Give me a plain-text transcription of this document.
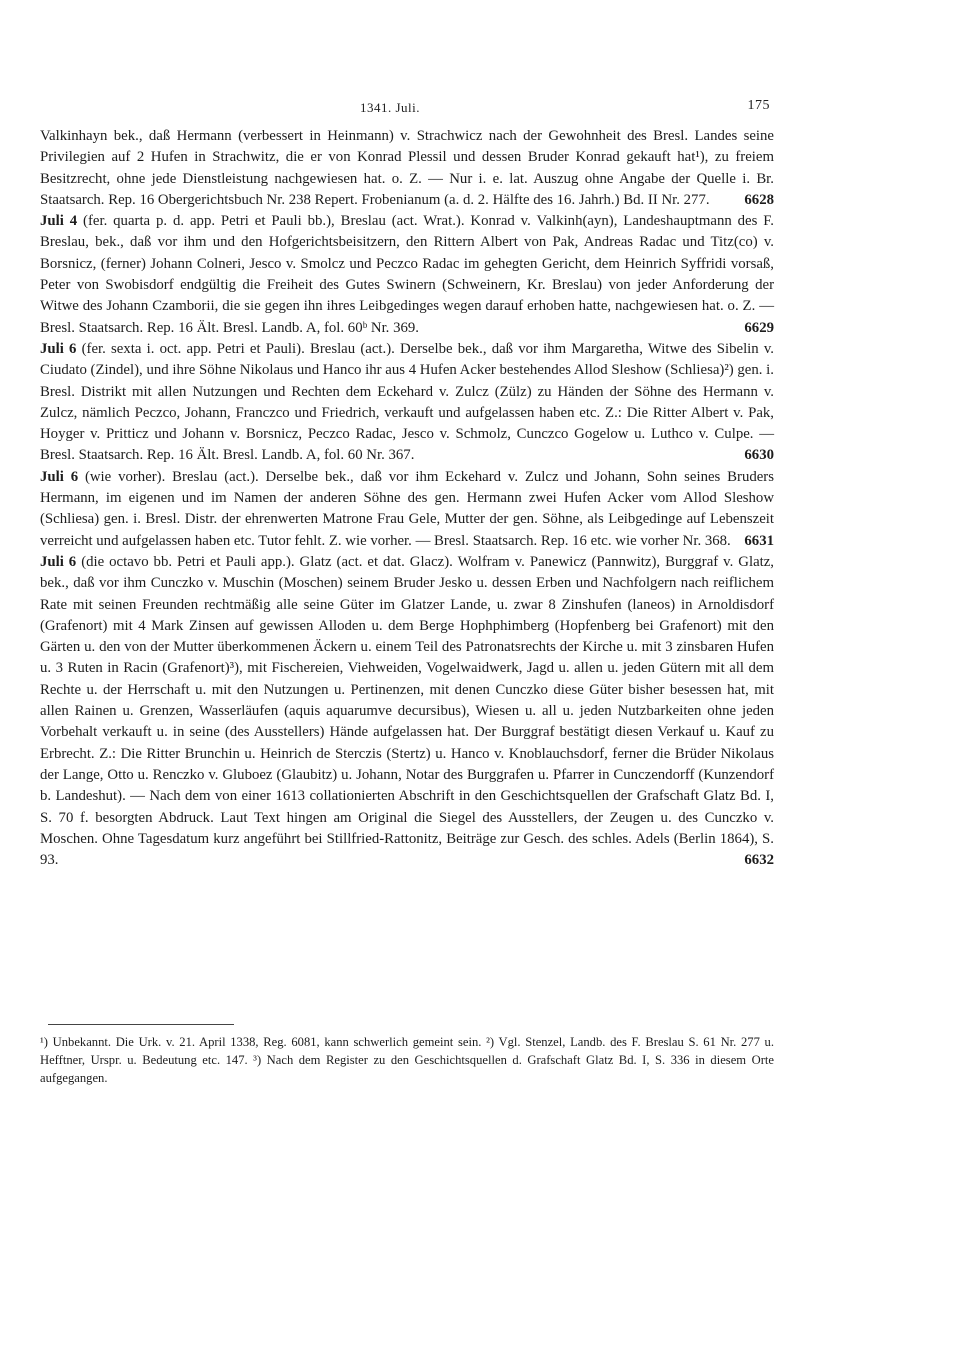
1341. Juli.	175

Valkinhayn bek., daß Hermann (verbessert in Heinmann) v. Strachwicz nach der Gewohnheit des Bresl. Landes seine Privilegien auf 2 Hufen in Strachwitz, die er von Konrad Plessil und dessen Bruder Konrad gekauft hat¹), zu freiem Besitzrecht, ohne jede Dienstleistung nachgewiesen hat. o. Z. — Nur i. e. lat. Auszug ohne Angabe der Quelle i. Br. Staatsarch. Rep. 16 Obergerichtsbuch Nr. 238 Repert. Frobenianum (a. d. 2. Hälfte des 16. Jahrh.) Bd. II Nr. 277. 6628

Juli 4 (fer. quarta p. d. app. Petri et Pauli bb.), Breslau (act. Wrat.). Konrad v. Valkinh(ayn), Landeshauptmann des F. Breslau, bek., daß vor ihm und den Hofgerichtsbeisitzern, den Rittern Albert von Pak, Andreas Radac und Titz(co) v. Borsnicz, (ferner) Johann Colneri, Jesco v. Smolcz und Peczco Radac im gehegten Gericht, dem Heinrich Syffridi vorsaß, Peter von Swobisdorf endgültig die Freiheit des Gutes Swinern (Schweinern, Kr. Breslau) von jeder Anforderung der Witwe des Johann Czamborii, die sie gegen ihn ihres Leibgedinges wegen darauf erhoben hatte, nachgewiesen hat. o. Z. — Bresl. Staatsarch. Rep. 16 Ält. Bresl. Landb. A, fol. 60ᵇ Nr. 369.	6629

Juli 6 (fer. sexta i. oct. app. Petri et Pauli). Breslau (act.). Derselbe bek., daß vor ihm Margaretha, Witwe des Sibelin v. Ciudato (Zindel), und ihre Söhne Nikolaus und Hanco ihr aus 4 Hufen Acker bestehendes Allod Sleshow (Schliesa)²) gen. i. Bresl. Distrikt mit allen Nutzungen und Rechten dem Eckehard v. Zulcz (Zülz) zu Händen der Söhne des Hermann v. Zulcz, nämlich Peczco, Johann, Franczco und Friedrich, verkauft und aufgelassen haben etc. Z.: Die Ritter Albert v. Pak, Hoyger v. Pritticz und Johann v. Borsnicz, Peczco Radac, Jesco v. Schmolz, Cunczco Gogelow u. Luthco v. Culpe. — Bresl. Staatsarch. Rep. 16 Ält. Bresl. Landb. A, fol. 60 Nr. 367.	6630

Juli 6 (wie vorher). Breslau (act.). Derselbe bek., daß vor ihm Eckehard v. Zulcz und Johann, Sohn seines Bruders Hermann, im eigenen und im Namen der anderen Söhne des gen. Hermann zwei Hufen Acker vom Allod Sleshow (Schliesa) gen. i. Bresl. Distr. der ehrenwerten Matrone Frau Gele, Mutter der gen. Söhne, als Leibgedinge auf Lebenszeit verreicht und aufgelassen haben etc. Tutor fehlt. Z. wie vorher. — Bresl. Staatsarch. Rep. 16 etc. wie vorher Nr. 368. 6631

Juli 6 (die octavo bb. Petri et Pauli app.). Glatz (act. et dat. Glacz). Wolfram v. Panewicz (Pannwitz), Burggraf v. Glatz, bek., daß vor ihm Cunczko v. Muschin (Moschen) seinem Bruder Jesko u. dessen Erben und Nachfolgern nach reiflichem Rate mit seinen Freunden rechtmäßig alle seine Güter im Glatzer Lande, u. zwar 8 Zinshufen (laneos) in Arnoldisdorf (Grafenort) mit 4 Mark Zinsen auf gewissen Alloden u. dem Berge Hophphimberg (Hopfenberg bei Grafenort) mit den Gärten u. den von der Mutter überkommenen Äckern u. einem Teil des Patronatsrechts der Kirche u. mit 3 zinsbaren Hufen u. 3 Ruten in Racin (Grafenort)³), mit Fischereien, Viehweiden, Vogelwaidwerk, Jagd u. allen u. jeden Gütern mit all dem Rechte u. der Herrschaft u. mit den Nutzungen u. Pertinenzen, mit denen Cunczko diese Güter bisher besessen hat, mit allen Rainen u. Grenzen, Wasserläufen (aquis aquarumve decursibus), Wiesen u. all u. jeden Nutzbarkeiten ohne jeden Vorbehalt verkauft u. in seine (des Ausstellers) Hände aufgelassen hat. Der Burggraf bestätigt diesen Verkauf u. Kauf zu Erbrecht. Z.: Die Ritter Brunchin u. Heinrich de Sterczis (Stertz) u. Hanco v. Knoblauchsdorf, ferner die Brüder Nikolaus der Lange, Otto u. Renczko v. Gluboez (Glaubitz) u. Johann, Notar des Burggrafen u. Pfarrer in Cunczendorff (Kunzendorf b. Landeshut). — Nach dem von einer 1613 collationierten Abschrift in den Geschichtsquellen der Grafschaft Glatz Bd. I, S. 70 f. besorgten Abdruck. Laut Text hingen am Original die Siegel des Ausstellers, der Zeugen u. des Cunczko v. Moschen. Ohne Tagesdatum kurz angeführt bei Stillfried-Rattonitz, Beiträge zur Gesch. des schles. Adels (Berlin 1864), S. 93.	6632

¹) Unbekannt. Die Urk. v. 21. April 1338, Reg. 6081, kann schwerlich gemeint sein. ²) Vgl. Stenzel, Landb. des F. Breslau S. 61 Nr. 277 u. Hefftner, Urspr. u. Bedeutung etc. 147. ³) Nach dem Register zu den Geschichtsquellen d. Grafschaft Glatz Bd. I, S. 336 in diesem Orte aufgegangen.
